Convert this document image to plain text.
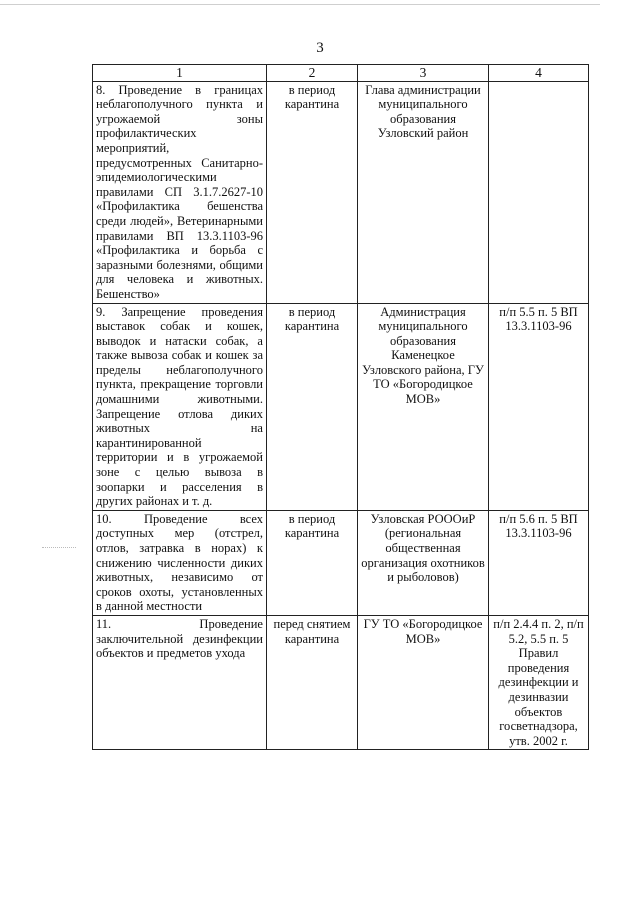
3
1	2	3	4
8. Проведение в границах неблагополучного пункта и угрожаемой зоны профилактических мероприятий, предусмотренных Санитарно-эпидемиологическими правилами СП 3.1.7.2627-10 «Профилактика бешенства среди людей», Ветеринарными правилами ВП 13.3.1103-96 «Профилактика и борьба с заразными болезнями, общими для человека и животных. Бешенство»	в период карантина	Глава администрации муниципального образования Узловский район	
9. Запрещение проведения выставок собак и кошек, выводок и натаски собак, а также вывоза собак и кошек за пределы неблагополучного пункта, прекращение торговли домашними животными. Запрещение отлова диких животных на карантинированной территории и в угрожаемой зоне с целью вывоза в зоопарки и расселения в других районах и т. д.	в период карантина	Администрация муниципального образования Каменецкое Узловского района, ГУ ТО «Богородицкое МОВ»	п/п 5.5 п. 5 ВП 13.3.1103-96
10. Проведение всех доступных мер (отстрел, отлов, затравка в норах) к снижению численности диких животных, независимо от сроков охоты, установленных в данной местности	в период карантина	Узловская РОООиР (региональная общественная организация охотников и рыболовов)	п/п 5.6 п. 5 ВП 13.3.1103-96
11. Проведение заключительной дезинфекции объектов и предметов ухода	перед снятием карантина	ГУ ТО «Богородицкое МОВ»	п/п 2.4.4 п. 2, п/п 5.2, 5.5 п. 5 Правил проведения дезинфекции и дезинвазии объектов госветнадзора, утв. 2002 г.
